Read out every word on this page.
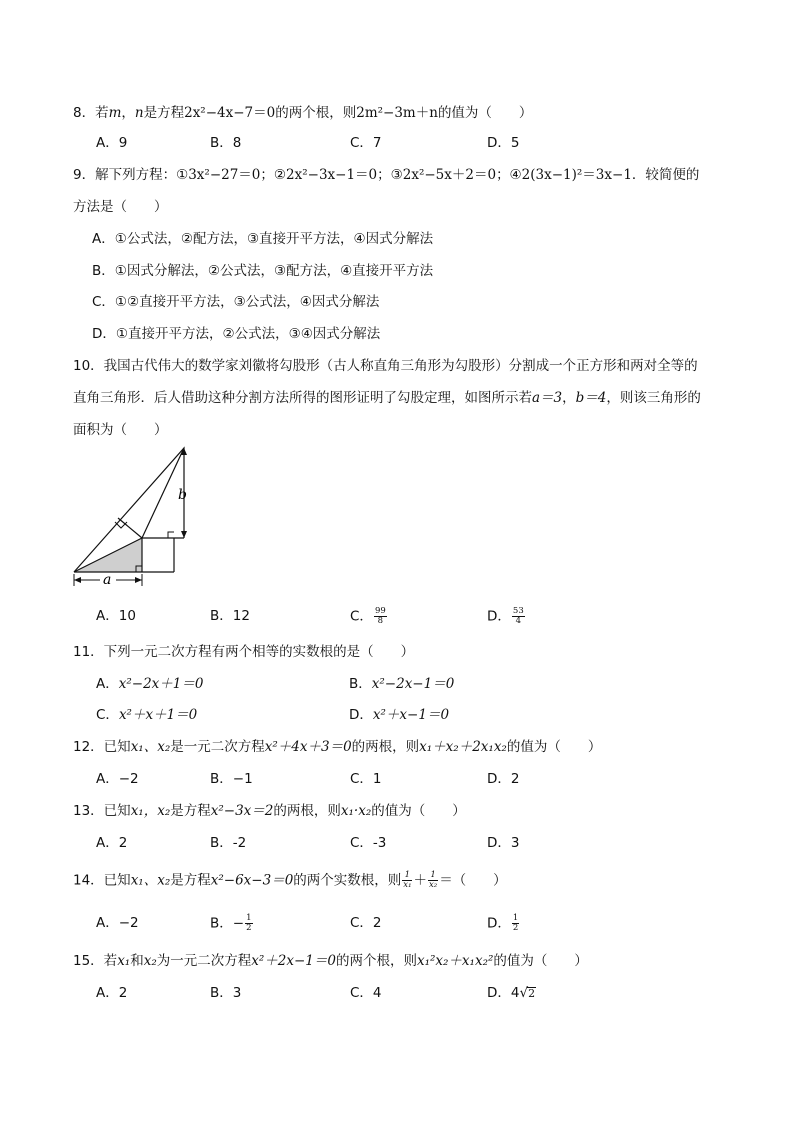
8．若m，n是方程2x²−4x−7＝0的两个根，则2m²−3m＋n的值为（　　）
A．9	B．8	C．7	D．5
9．解下列方程：①3x²−27＝0；②2x²−3x−1＝0；③2x²−5x＋2＝0；④2(3x−1)²＝3x−1．较简便的
方法是（　　）
A．①公式法，②配方法，③直接开平方法，④因式分解法
B．①因式分解法，②公式法，③配方法，④直接开平方法
C．①②直接开平方法，③公式法，④因式分解法
D．①直接开平方法，②公式法，③④因式分解法
10．我国古代伟大的数学家刘徽将勾股形（古人称直角三角形为勾股形）分割成一个正方形和两对全等的
直角三角形．后人借助这种分割方法所得的图形证明了勾股定理，如图所示若a＝3，b＝4，则该三角形的
面积为（　　）
b
a
A．10	B．12	C． $\frac{99}{8}$	D． $\frac{53}{4}$
11．下列一元二次方程有两个相等的实数根的是（　　）
A．x²−2x＋1＝0	B．x²−2x−1＝0
C．x²＋x＋1＝0	D．x²＋x−1＝0
12．已知x₁、x₂是一元二次方程x²＋4x＋3＝0的两根，则x₁＋x₂＋2x₁x₂的值为（　　）
A．−2	B．−1	C．1	D．2
13．已知x₁，x₂是方程x²−3x＝2的两根，则x₁·x₂的值为（　　）
A．2	B．-2	C．-3	D．3
14．已知x₁、x₂是方程x²−6x−3＝0的两个实数根，则 $\frac{1}{\text{x₁}} + \frac{1}{\text{x₂}}$ ＝（　　）
A．−2	B．− $\frac{1}{2}$	C．2	D． $\frac{1}{2}$
15．若x₁和x₂为一元二次方程x²＋2x−1＝0的两个根，则x₁²x₂＋x₁x₂²的值为（　　）
A．2	B．3	C．4	D．4√2
